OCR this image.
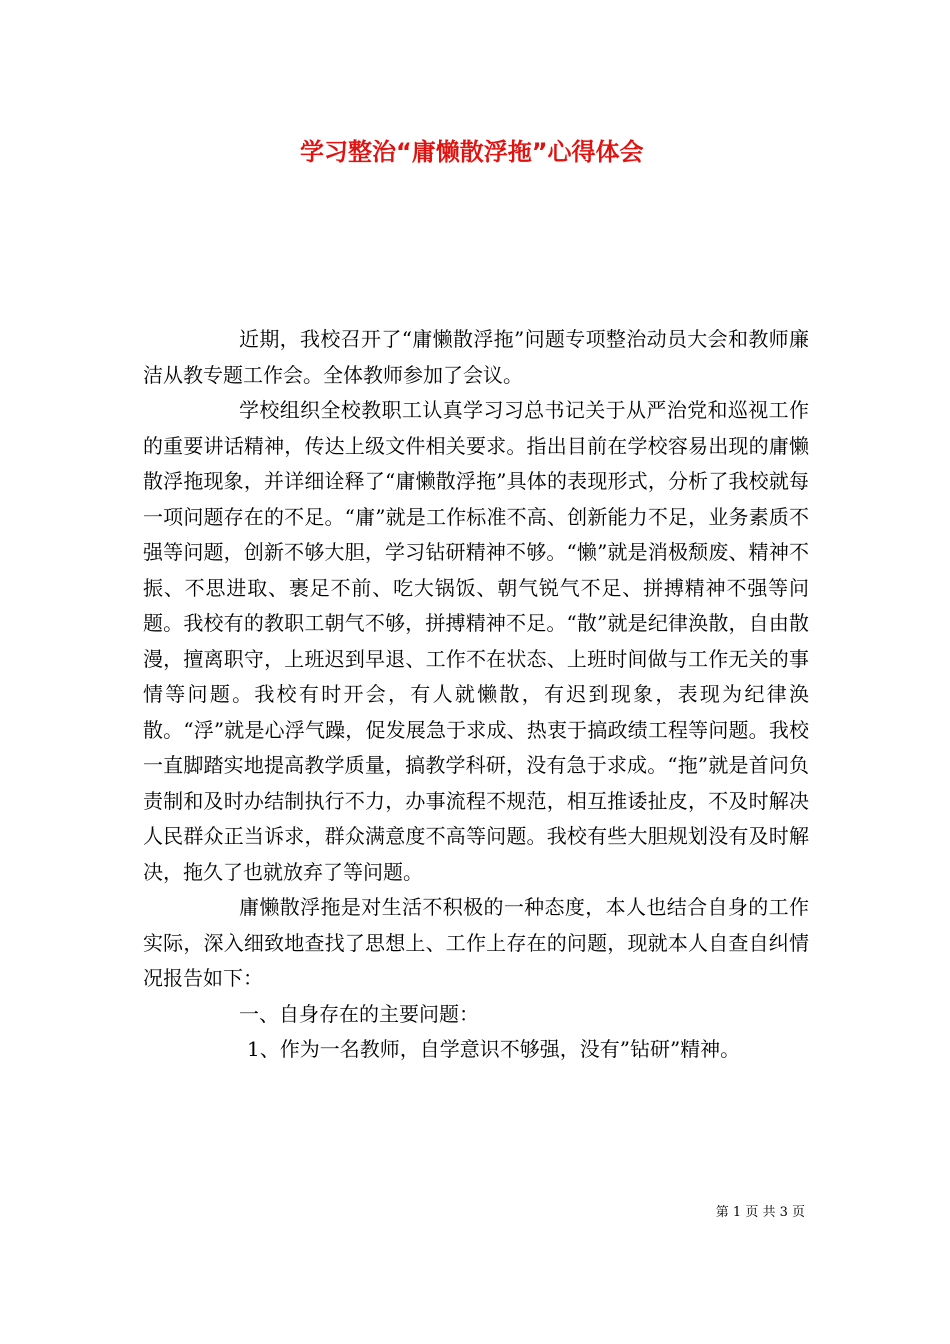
学习整治“庸懒散浮拖”心得体会

近期，我校召开了“庸懒散浮拖”问题专项整治动员大会和教师廉洁从教专题工作会。全体教师参加了会议。

学校组织全校教职工认真学习习总书记关于从严治党和巡视工作的重要讲话精神，传达上级文件相关要求。指出目前在学校容易出现的庸懒散浮拖现象，并详细诠释了“庸懒散浮拖”具体的表现形式，分析了我校就每一项问题存在的不足。“庸”就是工作标准不高、创新能力不足，业务素质不强等问题，创新不够大胆，学习钻研精神不够。“懒”就是消极颓废、精神不振、不思进取、裹足不前、吃大锅饭、朝气锐气不足、拼搏精神不强等问题。我校有的教职工朝气不够，拼搏精神不足。“散”就是纪律涣散，自由散漫，擅离职守，上班迟到早退、工作不在状态、上班时间做与工作无关的事情等问题。我校有时开会，有人就懒散，有迟到现象，表现为纪律涣散。“浮”就是心浮气躁，促发展急于求成、热衷于搞政绩工程等问题。我校一直脚踏实地提高教学质量，搞教学科研，没有急于求成。“拖”就是首问负责制和及时办结制执行不力，办事流程不规范，相互推诿扯皮，不及时解决人民群众正当诉求，群众满意度不高等问题。我校有些大胆规划没有及时解决，拖久了也就放弃了等问题。

庸懒散浮拖是对生活不积极的一种态度，本人也结合自身的工作实际，深入细致地查找了思想上、工作上存在的问题，现就本人自查自纠情况报告如下：

一、自身存在的主要问题：

1、作为一名教师，自学意识不够强，没有”钻研”精神。

第 1 页 共 3 页
